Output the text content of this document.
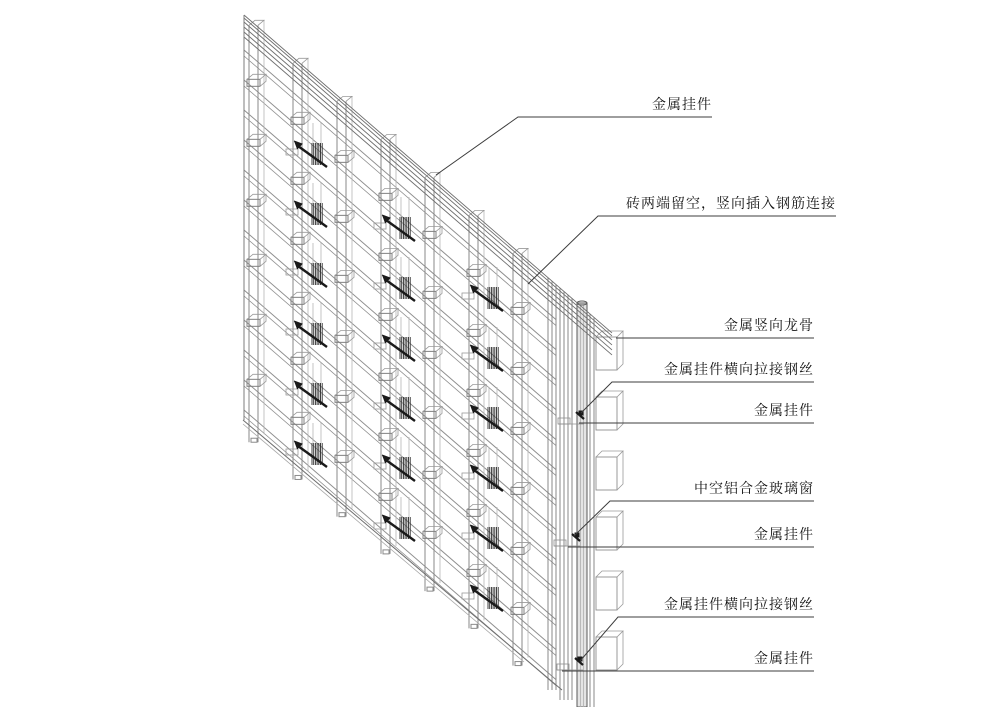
金属挂件
砖两端留空，竖向插入钢筋连接
金属竖向龙骨
金属挂件横向拉接钢丝
金属挂件
中空铝合金玻璃窗
金属挂件
金属挂件横向拉接钢丝
金属挂件
